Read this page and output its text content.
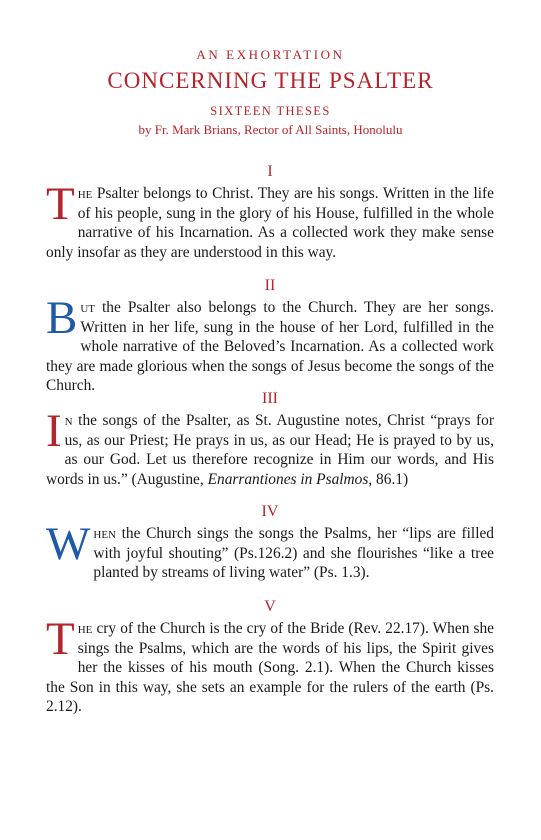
AN EXHORTATION
CONCERNING THE PSALTER
SIXTEEN THESES
by Fr. Mark Brians, Rector of All Saints, Honolulu
I
The Psalter belongs to Christ. They are his songs. Written in the life of his people, sung in the glory of his House, fulfilled in the whole narrative of his Incarnation. As a collected work they make sense only insofar as they are understood in this way.
II
But the Psalter also belongs to the Church. They are her songs. Written in her life, sung in the house of her Lord, fulfilled in the whole narrative of the Beloved’s Incarnation. As a collected work they are made glorious when the songs of Jesus become the songs of the Church.
III
In the songs of the Psalter, as St. Augustine notes, Christ “prays for us, as our Priest; He prays in us, as our Head; He is prayed to by us, as our God. Let us therefore recognize in Him our words, and His words in us.” (Augustine, Enarrantiones in Psalmos, 86.1)
IV
When the Church sings the songs the Psalms, her “lips are filled with joyful shouting” (Ps.126.2) and she flourishes “like a tree planted by streams of living water” (Ps. 1.3).
V
The cry of the Church is the cry of the Bride (Rev. 22.17). When she sings the Psalms, which are the words of his lips, the Spirit gives her the kisses of his mouth (Song. 2.1). When the Church kisses the Son in this way, she sets an example for the rulers of the earth (Ps. 2.12).
